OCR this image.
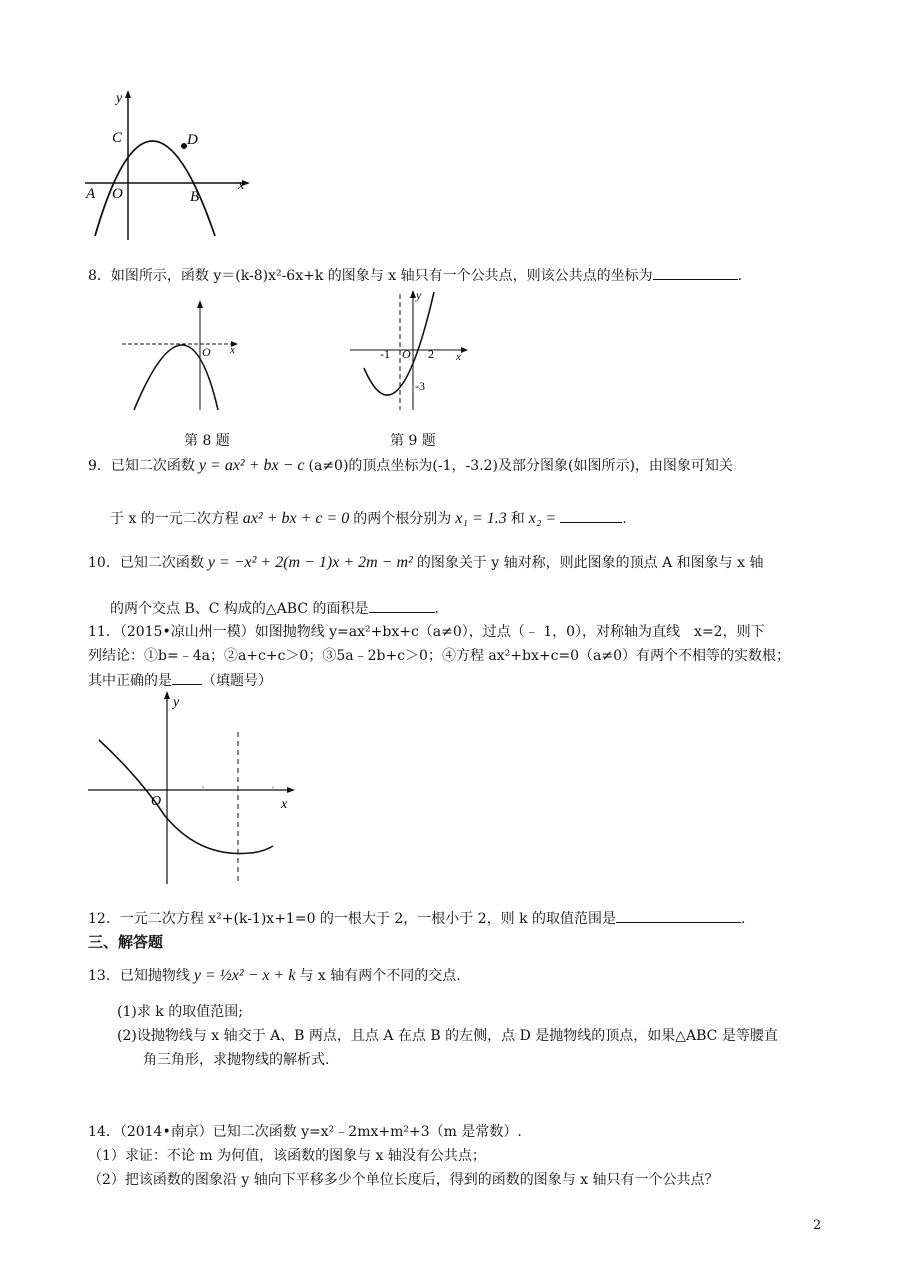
y
x
C	D
A O	B
8．如图所示，函数 y＝(k-8)x²-6x+k 的图象与 x 轴只有一个公共点，则该公共点的坐标为	.
O x
第 8 题
y
x
-1 O 2
-3
第 9 题
9．已知二次函数 y = ax² + bx − c (a≠0)的顶点坐标为(-1，-3.2)及部分图象(如图所示)，由图象可知关
于 x 的一元二次方程 ax² + bx + c = 0 的两个根分别为 x₁ = 1.3 和 x₂ =	.
10．已知二次函数 y = −x² + 2(m − 1)x + 2m − m² 的图象关于 y 轴对称，则此图象的顶点 A 和图象与 x 轴
的两个交点 B、C 构成的△ABC 的面积是	.
11．（2015•凉山州一模）如图抛物线 y=ax²+bx+c（a≠0），过点（﹣ 1，0），对称轴为直线　x=2，则下
列结论：①b=﹣4a；②a+c+c＞0；③5a﹣2b+c＞0；④方程 ax²+bx+c=0（a≠0）有两个不相等的实数根；
其中正确的是 （填题号）
y
O	x
12．一元二次方程 x²+(k-1)x+1=0 的一根大于 2，一根小于 2，则 k 的取值范围是	.
三、解答题
13．已知抛物线 y = ½x² − x + k 与 x 轴有两个不同的交点.
(1)求 k 的取值范围;
(2)设抛物线与 x 轴交于 A、B 两点，且点 A 在点 B 的左侧，点 D 是抛物线的顶点，如果△ABC 是等腰直
角三角形，求抛物线的解析式.
14．（2014•南京）已知二次函数 y=x²﹣2mx+m²+3（m 是常数）.
（1）求证：不论 m 为何值，该函数的图象与 x 轴没有公共点；
（2）把该函数的图象沿 y 轴向下平移多少个单位长度后，得到的函数的图象与 x 轴只有一个公共点？
2
